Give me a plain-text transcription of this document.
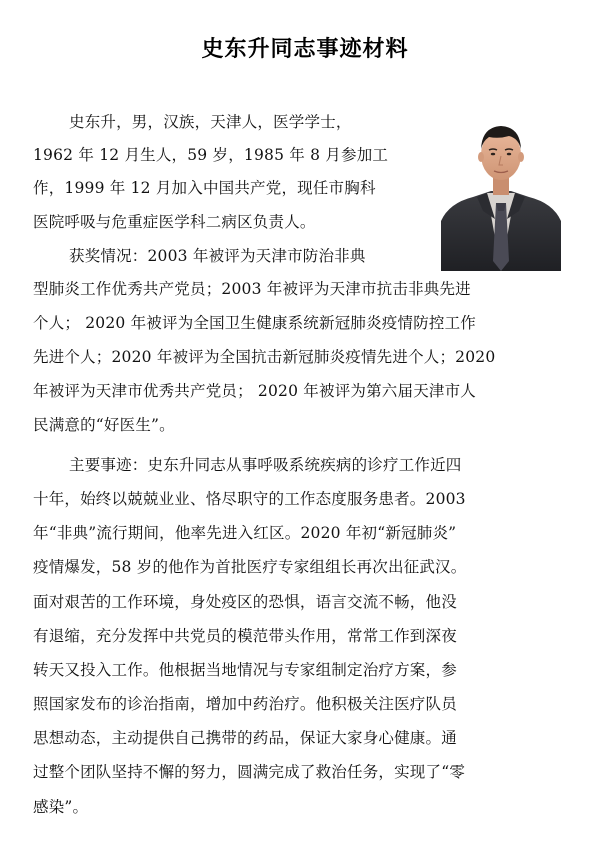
史东升同志事迹材料
史东升，男，汉族，天津人，医学学士，
1962 年 12 月生人，59 岁，1985 年 8 月参加工
作，1999 年 12 月加入中国共产党，现任市胸科
医院呼吸与危重症医学科二病区负责人。
获奖情况：2003 年被评为天津市防治非典
型肺炎工作优秀共产党员；2003 年被评为天津市抗击非典先进
个人； 2020 年被评为全国卫生健康系统新冠肺炎疫情防控工作
先进个人；2020 年被评为全国抗击新冠肺炎疫情先进个人；2020
年被评为天津市优秀共产党员； 2020 年被评为第六届天津市人
民满意的“好医生”。
主要事迹：史东升同志从事呼吸系统疾病的诊疗工作近四
十年，始终以兢兢业业、恪尽职守的工作态度服务患者。2003
年“非典”流行期间，他率先进入红区。2020 年初“新冠肺炎”
疫情爆发，58 岁的他作为首批医疗专家组组长再次出征武汉。
面对艰苦的工作环境，身处疫区的恐惧，语言交流不畅，他没
有退缩，充分发挥中共党员的模范带头作用，常常工作到深夜
转天又投入工作。他根据当地情况与专家组制定治疗方案，参
照国家发布的诊治指南，增加中药治疗。他积极关注医疗队员
思想动态，主动提供自己携带的药品，保证大家身心健康。通
过整个团队坚持不懈的努力，圆满完成了救治任务，实现了“零
感染”。
